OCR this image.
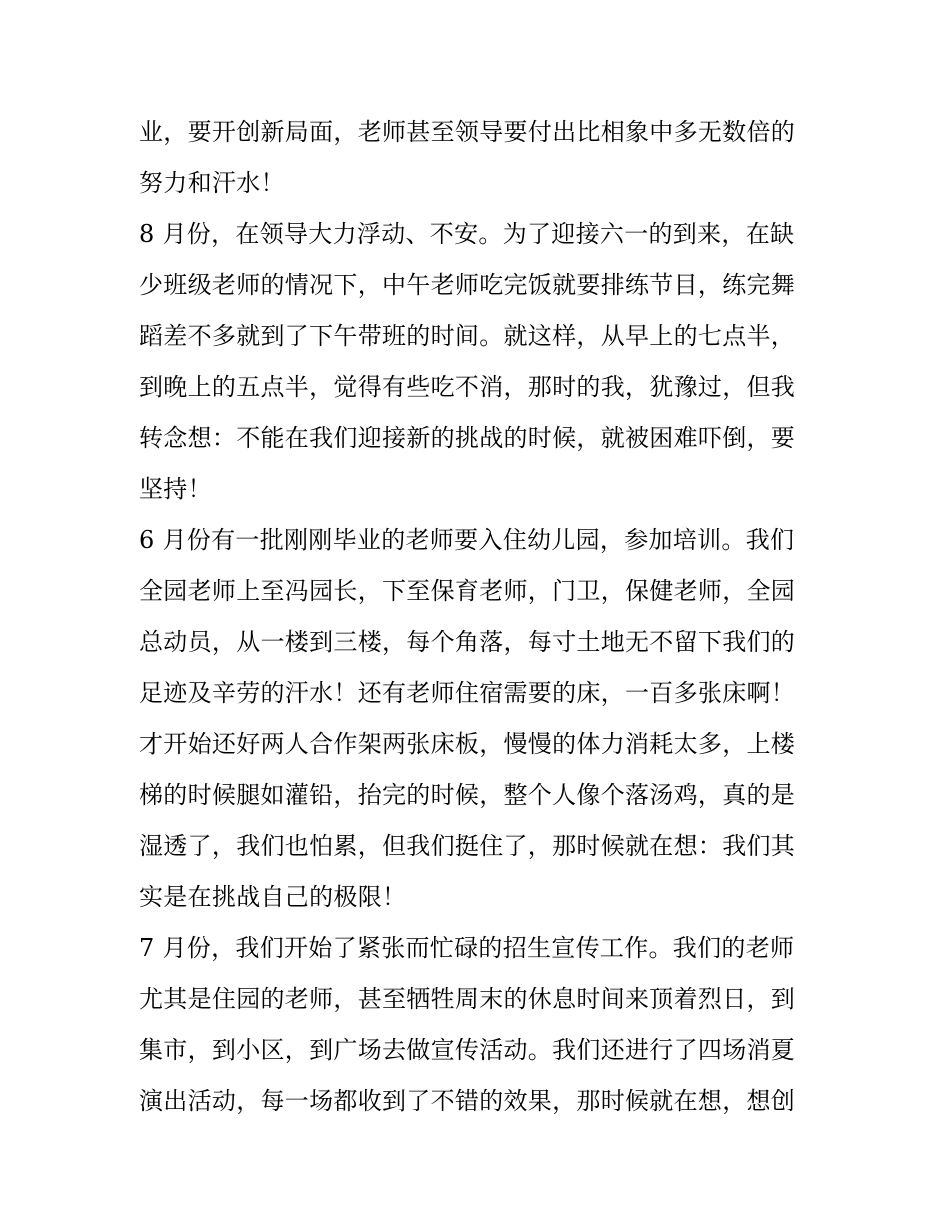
业，要开创新局面，老师甚至领导要付出比相象中多无数倍的
努力和汗水！
8 月份，在领导大力浮动、不安。为了迎接六一的到来，在缺
少班级老师的情况下，中午老师吃完饭就要排练节目，练完舞
蹈差不多就到了下午带班的时间。就这样，从早上的七点半，
到晚上的五点半，觉得有些吃不消，那时的我，犹豫过，但我
转念想：不能在我们迎接新的挑战的时候，就被困难吓倒，要
坚持！
6 月份有一批刚刚毕业的老师要入住幼儿园，参加培训。我们
全园老师上至冯园长，下至保育老师，门卫，保健老师，全园
总动员，从一楼到三楼，每个角落，每寸土地无不留下我们的
足迹及辛劳的汗水！还有老师住宿需要的床，一百多张床啊！
才开始还好两人合作架两张床板，慢慢的体力消耗太多，上楼
梯的时候腿如灌铅，抬完的时候，整个人像个落汤鸡，真的是
湿透了，我们也怕累，但我们挺住了，那时候就在想：我们其
实是在挑战自己的极限！
7 月份，我们开始了紧张而忙碌的招生宣传工作。我们的老师
尤其是住园的老师，甚至牺牲周末的休息时间来顶着烈日，到
集市，到小区，到广场去做宣传活动。我们还进行了四场消夏
演出活动，每一场都收到了不错的效果，那时候就在想，想创
